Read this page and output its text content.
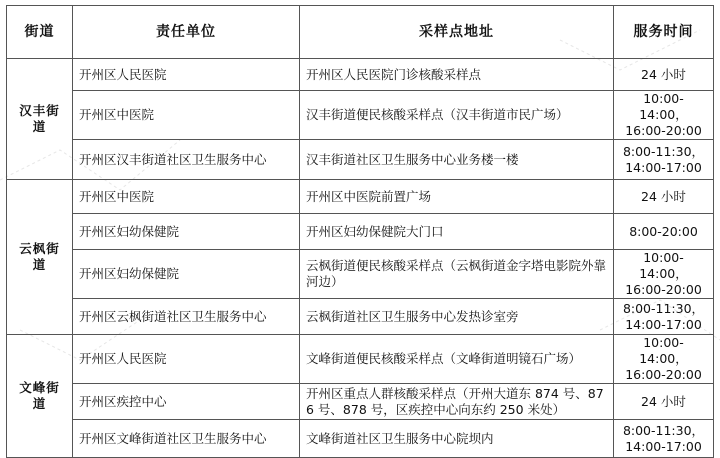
街道	责任单位	采样点地址	服务时间
汉丰街道	开州区人民医院	开州区人民医院门诊核酸采样点	24 小时

	开州区中医院	汉丰街道便民核酸采样点（汉丰街道市民广场）	10:00-14:00，
16:00-20:00

	开州区汉丰街道社区卫生服务中心	汉丰街道社区卫生服务中心业务楼一楼	8:00-11:30，
14:00-17:00

云枫街道	开州区中医院	开州区中医院前置广场	24 小时

	开州区妇幼保健院	开州区妇幼保健院大门口	8:00-20:00

	开州区妇幼保健院	云枫街道便民核酸采样点（云枫街道金字塔电影院外靠河边）	10:00-14:00，
16:00-20:00

	开州区云枫街道社区卫生服务中心	云枫街道社区卫生服务中心发热诊室旁	8:00-11:30，
14:00-17:00

文峰街道	开州区人民医院	文峰街道便民核酸采样点（文峰街道明镜石广场）	10:00-14:00，
16:00-20:00

	开州区疾控中心	开州区重点人群核酸采样点（开州大道东 874 号、876 号、878 号，区疾控中心向东约 250 米处）	24 小时

	开州区文峰街道社区卫生服务中心	文峰街道社区卫生服务中心院坝内	8:00-11:30，
14:00-17:00
